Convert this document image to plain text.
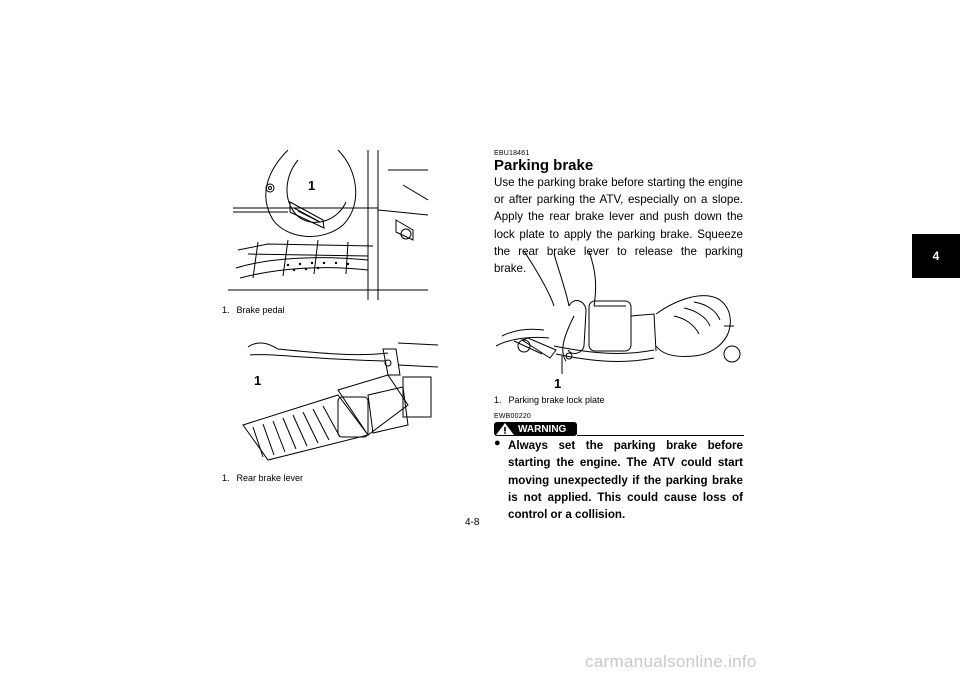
1
1. Brake pedal
1
1. Rear brake lever
EBU18461
Parking brake
Use the parking brake before starting the engine or after parking the ATV, especially on a slope. Apply the rear brake lever and push down the lock plate to apply the parking brake. Squeeze the rear brake lever to release the parking brake.
1
1. Parking brake lock plate
EWB00220
WARNING
● Always set the parking brake before starting the engine. The ATV could start moving unexpectedly if the parking brake is not applied. This could cause loss of control or a collision.
4
4-8
carmanualsonline.info
